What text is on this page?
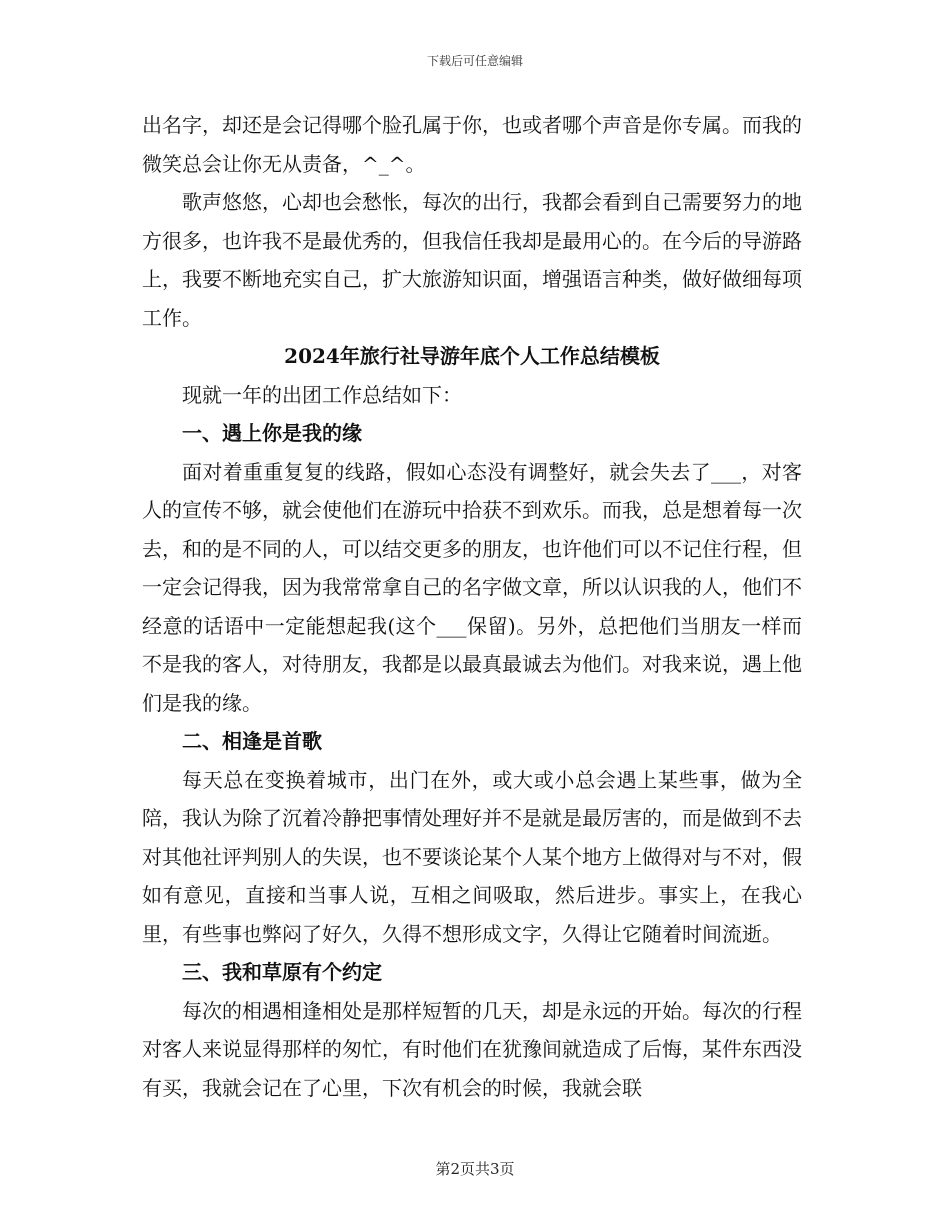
下载后可任意编辑

出名字，却还是会记得哪个脸孔属于你，也或者哪个声音是你专属。而我的微笑总会让你无从责备，^_^。

歌声悠悠，心却也会愁怅，每次的出行，我都会看到自己需要努力的地方很多，也许我不是最优秀的，但我信任我却是最用心的。在今后的导游路上，我要不断地充实自己，扩大旅游知识面，增强语言种类，做好做细每项工作。

2024年旅行社导游年底个人工作总结模板

现就一年的出团工作总结如下：

一、遇上你是我的缘

面对着重重复复的线路，假如心态没有调整好，就会失去了___，对客人的宣传不够，就会使他们在游玩中拾获不到欢乐。而我，总是想着每一次去，和的是不同的人，可以结交更多的朋友，也许他们可以不记住行程，但一定会记得我，因为我常常拿自己的名字做文章，所以认识我的人，他们不经意的话语中一定能想起我(这个___保留)。另外，总把他们当朋友一样而不是我的客人，对待朋友，我都是以最真最诚去为他们。对我来说，遇上他们是我的缘。

二、相逢是首歌

每天总在变换着城市，出门在外，或大或小总会遇上某些事，做为全陪，我认为除了沉着冷静把事情处理好并不是就是最厉害的，而是做到不去对其他社评判别人的失误，也不要谈论某个人某个地方上做得对与不对，假如有意见，直接和当事人说，互相之间吸取，然后进步。事实上，在我心里，有些事也弊闷了好久，久得不想形成文字，久得让它随着时间流逝。

三、我和草原有个约定

每次的相遇相逢相处是那样短暂的几天，却是永远的开始。每次的行程对客人来说显得那样的匆忙，有时他们在犹豫间就造成了后悔，某件东西没有买，我就会记在了心里，下次有机会的时候，我就会联

第2页共3页
